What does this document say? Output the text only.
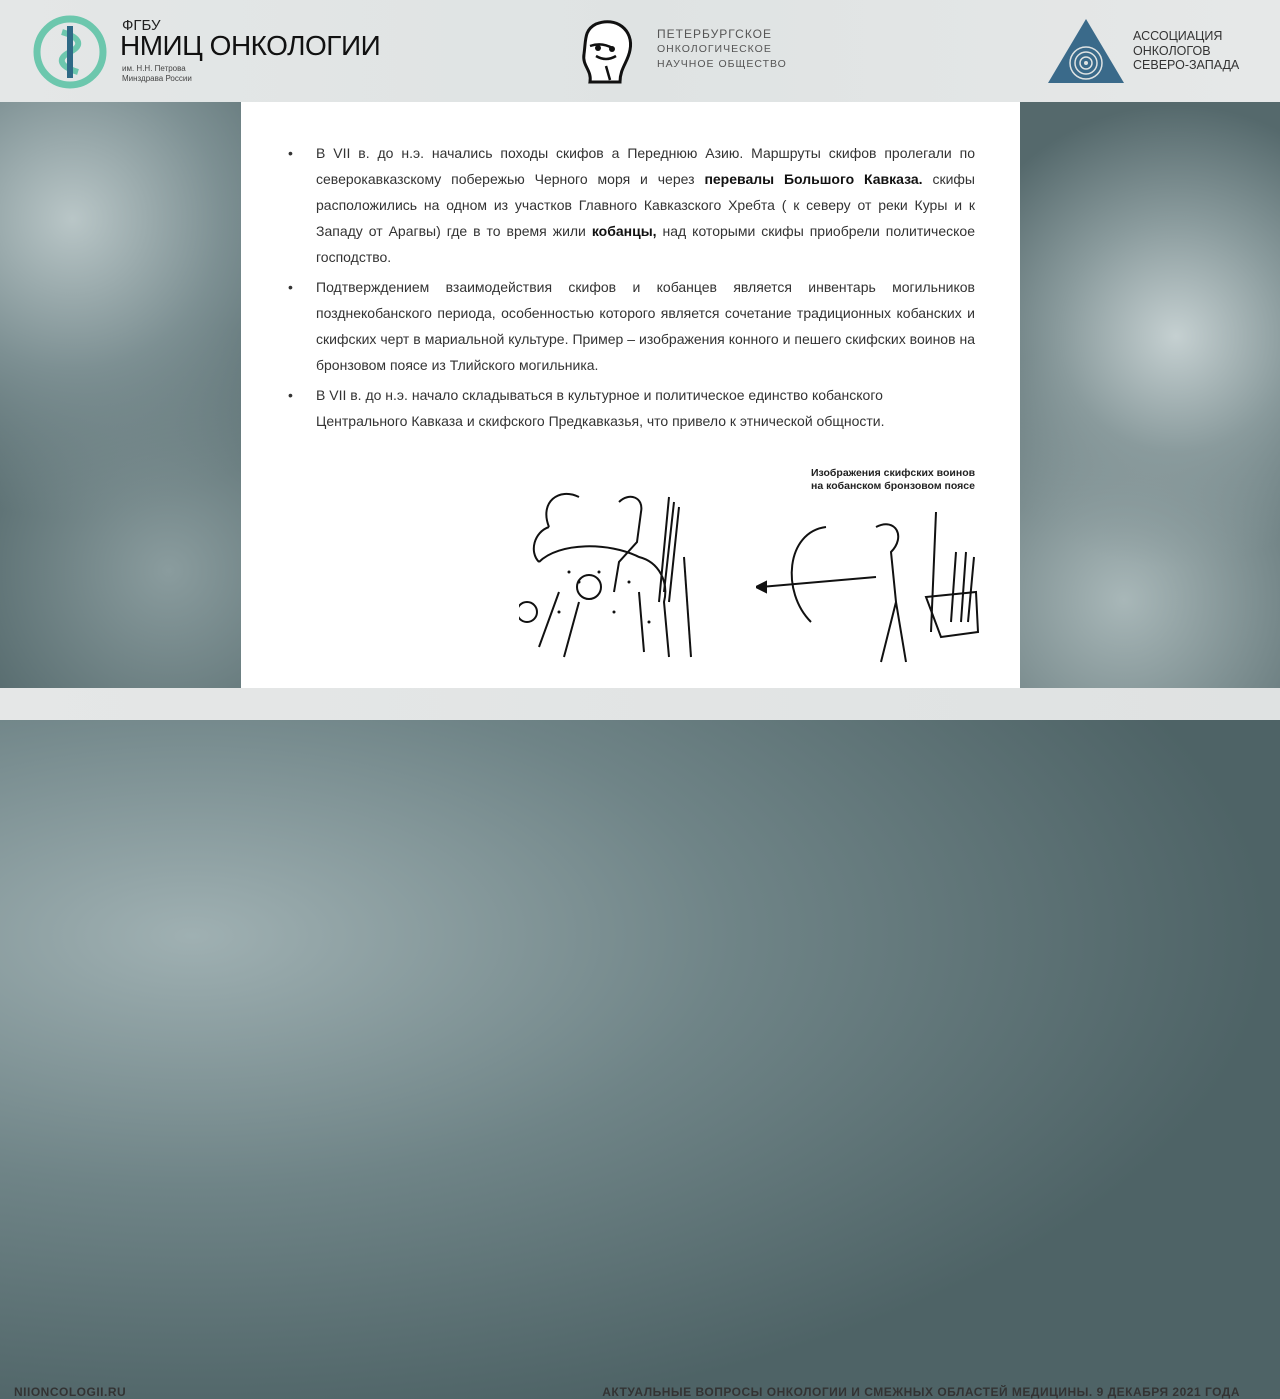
ФГБУ
НМИЦ ОНКОЛОГИИ
им. Н.Н. Петрова
Минздрава России
ПЕТЕРБУРГСКОЕ
ОНКОЛОГИЧЕСКОЕ
НАУЧНОЕ ОБЩЕСТВО
АССОЦИАЦИЯ
ОНКОЛОГОВ
СЕВЕРО-ЗАПАДА
•	В VII в. до н.э. начались походы скифов а Переднюю Азию. Маршруты скифов пролегали по северокавказскому побережью Черного моря и через перевалы Большого Кавказа. скифы расположились на одном из участков Главного Кавказского Хребта ( к северу от реки Куры и к Западу от Арагвы) где в то время жили кобанцы, над которыми скифы приобрели политическое господство.
•	Подтверждением взаимодействия скифов и кобанцев является инвентарь могильников позднекобанского периода, особенностью которого является сочетание традиционных кобанских и скифских черт в мариальной культуре. Пример – изображения конного и пешего скифских воинов на бронзовом поясе из Тлийского могильника.
•	В VII в. до н.э. начало складываться в культурное и политическое единство кобанского Центрального Кавказа и скифского Предкавказья, что привело к этнической общности.
Изображения скифских воинов
на кобанском бронзовом поясе
NIIONCOLOGII.RU	АКТУАЛЬНЫЕ ВОПРОСЫ ОНКОЛОГИИ И СМЕЖНЫХ ОБЛАСТЕЙ МЕДИЦИНЫ. 9 ДЕКАБРЯ 2021 ГОДА
